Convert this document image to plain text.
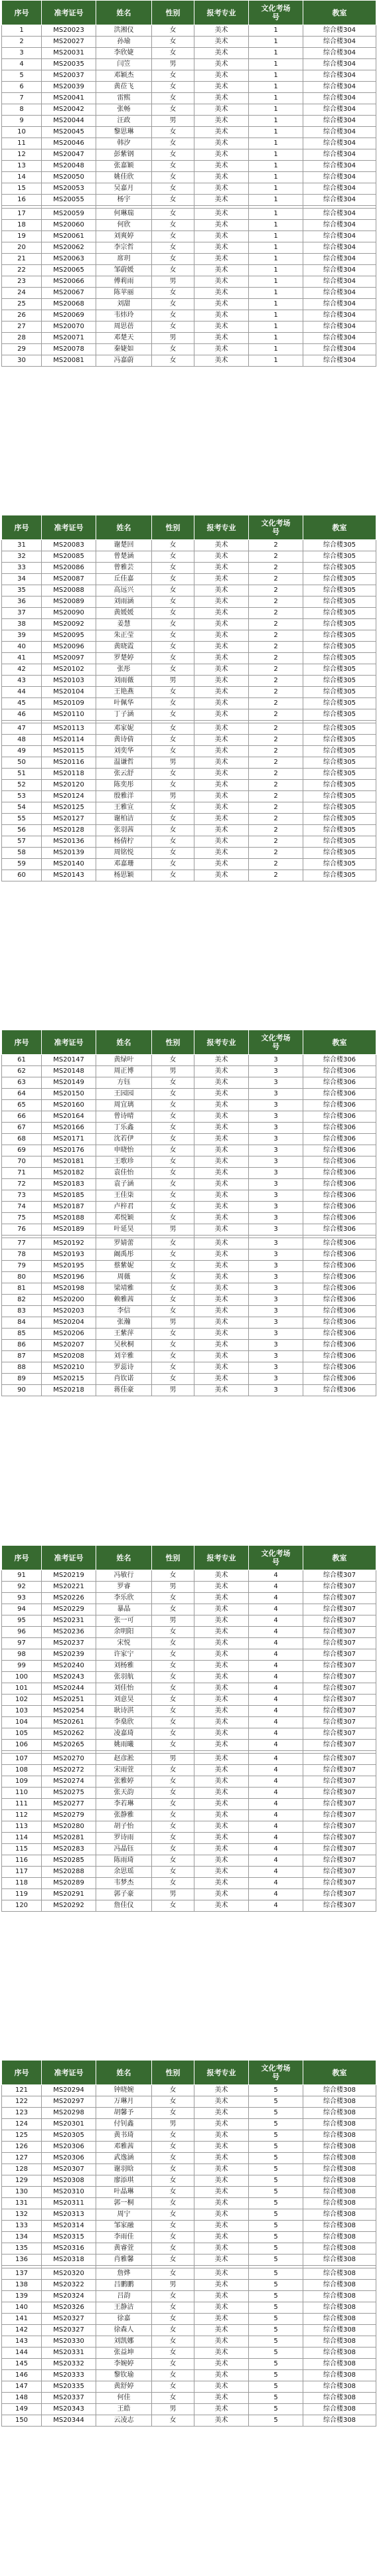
序号	准考证号	姓名	性别	报考专业	文化考场号	教室
1	MS20023	洪湘仪	女	美术	1	综合楼304
2	MS20027	孙瑜	女	美术	1	综合楼304
3	MS20031	李欣婕	女	美术	1	综合楼304
4	MS20035	闫笠	男	美术	1	综合楼304
5	MS20037	邓颖杰	女	美术	1	综合楼304
6	MS20039	黄莅飞	女	美术	1	综合楼304
7	MS20041	雷熙	女	美术	1	综合楼304
8	MS20042	张畅	女	美术	1	综合楼304
9	MS20044	汪政	男	美术	1	综合楼304
10	MS20045	黎思琳	女	美术	1	综合楼304
11	MS20046	韩汐	女	美术	1	综合楼304
12	MS20047	彭紫钢	女	美术	1	综合楼304
13	MS20048	张嘉颖	女	美术	1	综合楼304
14	MS20050	姚佳欣	女	美术	1	综合楼304
15	MS20053	吴嘉月	女	美术	1	综合楼304
16	MS20055	杨宇	女	美术	1	综合楼304

17	MS20059	何琳瑞	女	美术	1	综合楼304
18	MS20060	何欣	女	美术	1	综合楼304
19	MS20061	刘爽婷	女	美术	1	综合楼304
20	MS20062	李宗哲	女	美术	1	综合楼304
21	MS20063	席玥	女	美术	1	综合楼304
22	MS20065	邹蔚媛	女	美术	1	综合楼304
23	MS20066	傅莉雨	男	美术	1	综合楼304
24	MS20067	陈苹丽	女	美术	1	综合楼304
25	MS20068	刘甜	女	美术	1	综合楼304
26	MS20069	韦炜玲	女	美术	1	综合楼304
27	MS20070	周思蓓	女	美术	1	综合楼304
28	MS20071	邓楚天	男	美术	1	综合楼304
29	MS20078	秦婕如	女	美术	1	综合楼304
30	MS20081	冯嘉蔚	女	美术	1	综合楼304
序号	准考证号	姓名	性别	报考专业	文化考场号	教室
31	MS20083	谢楚回	女	美术	2	综合楼305
32	MS20085	曾楚涵	女	美术	2	综合楼305
33	MS20086	曾雅芸	女	美术	2	综合楼305
34	MS20087	丘佳嘉	女	美术	2	综合楼305
35	MS20088	高远兴	女	美术	2	综合楼305
36	MS20089	刘雨涵	女	美术	2	综合楼305
37	MS20090	黄媛媛	女	美术	2	综合楼305
38	MS20092	姜慧	女	美术	2	综合楼305
39	MS20095	朱正莹	女	美术	2	综合楼305
40	MS20096	黄晓霞	女	美术	2	综合楼305
41	MS20097	罗楚婷	女	美术	2	综合楼305
42	MS20102	张彤	女	美术	2	综合楼305
43	MS20103	刘雨薇	男	美术	2	综合楼305
44	MS20104	王艳燕	女	美术	2	综合楼305
45	MS20109	叶佩华	女	美术	2	综合楼305
46	MS20110	丁子涵	女	美术	2	综合楼305

47	MS20113	邓家妮	女	美术	2	综合楼305
48	MS20114	黄诗倩	女	美术	2	综合楼305
49	MS20115	刘奕华	女	美术	2	综合楼305
50	MS20116	温谦哲	男	美术	2	综合楼305
51	MS20118	张云舒	女	美术	2	综合楼305
52	MS20120	陈奕彤	女	美术	2	综合楼305
53	MS20124	殷雅洋	男	美术	2	综合楼305
54	MS20125	王雅宣	女	美术	2	综合楼305
55	MS20127	谢柏洁	女	美术	2	综合楼305
56	MS20128	张羽茜	女	美术	2	综合楼305
57	MS20136	杨倩柠	女	美术	2	综合楼305
58	MS20139	周铭悦	女	美术	2	综合楼305
59	MS20140	邓嘉珊	女	美术	2	综合楼305
60	MS20143	杨思颖	女	美术	2	综合楼305
序号	准考证号	姓名	性别	报考专业	文化考场号	教室
61	MS20147	黄绿叶	女	美术	3	综合楼306
62	MS20148	周正博	男	美术	3	综合楼306
63	MS20149	方钰	女	美术	3	综合楼306
64	MS20150	王园园	女	美术	3	综合楼306
65	MS20160	周宜璃	女	美术	3	综合楼306
66	MS20164	曾诗晴	女	美术	3	综合楼306
67	MS20166	丁乐鑫	女	美术	3	综合楼306
68	MS20171	沈若伊	女	美术	3	综合楼306
69	MS20176	申晓怡	女	美术	3	综合楼306
70	MS20181	王歌珍	女	美术	3	综合楼306
71	MS20182	袁佳怡	女	美术	3	综合楼306
72	MS20183	袁子涵	女	美术	3	综合楼306
73	MS20185	王佳柒	女	美术	3	综合楼306
74	MS20187	卢梓君	女	美术	3	综合楼306
75	MS20188	邓悦颖	女	美术	3	综合楼306
76	MS20189	叶延昊	男	美术	3	综合楼306

77	MS20192	罗婧蕾	女	美术	3	综合楼306
78	MS20193	阚禹彤	女	美术	3	综合楼306
79	MS20195	蔡紫妮	女	美术	3	综合楼306
80	MS20196	周薇	女	美术	3	综合楼306
81	MS20198	梁靖雅	女	美术	3	综合楼306
82	MS20200	赖雅茜	女	美术	3	综合楼306
83	MS20203	李信	女	美术	3	综合楼306
84	MS20204	张瀚	男	美术	3	综合楼306
85	MS20206	王紫萍	女	美术	3	综合楼306
86	MS20207	吴秋桐	女	美术	3	综合楼306
87	MS20208	刘辛雅	女	美术	3	综合楼306
88	MS20210	罗蕊诗	女	美术	3	综合楼306
89	MS20215	肖钦诺	女	美术	3	综合楼306
90	MS20218	蒋佳豪	男	美术	3	综合楼306
序号	准考证号	姓名	性别	报考专业	文化考场号	教室
91	MS20219	冯敏行	女	美术	4	综合楼307
92	MS20221	罗睿	男	美术	4	综合楼307
93	MS20226	李乐欣	女	美术	4	综合楼307
94	MS20229	暴晶	女	美术	4	综合楼307
95	MS20231	张一可	男	美术	4	综合楼307
96	MS20236	余明阳	女	美术	4	综合楼307
97	MS20237	宋悦	女	美术	4	综合楼307
98	MS20239	许家宁	女	美术	4	综合楼307
99	MS20240	刘杨雅	女	美术	4	综合楼307
100	MS20243	张羽航	女	美术	4	综合楼307
101	MS20244	刘佳怡	女	美术	4	综合楼307
102	MS20251	刘意昊	女	美术	4	综合楼307
103	MS20254	耿诗淇	女	美术	4	综合楼307
104	MS20261	李燊欣	女	美术	4	综合楼307
105	MS20262	凌嘉琦	女	美术	4	综合楼307
106	MS20265	姚雨曦	女	美术	4	综合楼307

107	MS20270	赵彦淞	男	美术	4	综合楼307
108	MS20272	宋雨萱	女	美术	4	综合楼307
109	MS20274	张雅婷	女	美术	4	综合楼307
110	MS20275	张天韵	女	美术	4	综合楼307
111	MS20277	李若琳	女	美术	4	综合楼307
112	MS20279	张静雅	女	美术	4	综合楼307
113	MS20280	胡子怡	女	美术	4	综合楼307
114	MS20281	罗诗雨	女	美术	4	综合楼307
115	MS20283	冯晶钰	女	美术	4	综合楼307
116	MS20285	陈雨琦	女	美术	4	综合楼307
117	MS20288	余思瑶	女	美术	4	综合楼307
118	MS20289	韦梦杰	女	美术	4	综合楼307
119	MS20291	郭子豪	男	美术	4	综合楼307
120	MS20292	詹佳仪	女	美术	4	综合楼307
序号	准考证号	姓名	性别	报考专业	文化考场号	教室
121	MS20294	钟晓婉	女	美术	5	综合楼308
122	MS20297	万琳月	女	美术	5	综合楼308
123	MS20298	胡馨予	女	美术	5	综合楼308
124	MS20301	付钊鑫	男	美术	5	综合楼308
125	MS20305	黄书琦	女	美术	5	综合楼308
126	MS20306	邓雅茜	女	美术	5	综合楼308
127	MS20306	武逸涵	女	美术	5	综合楼308
128	MS20307	谢羽晗	女	美术	5	综合楼308
129	MS20308	廖添琪	女	美术	5	综合楼308
130	MS20310	叶晶琳	女	美术	5	综合楼308
131	MS20311	郭一桐	女	美术	5	综合楼308
132	MS20313	周宁	女	美术	5	综合楼308
133	MS20314	邹家融	女	美术	5	综合楼308
134	MS20315	李雨佳	女	美术	5	综合楼308
135	MS20316	黄睿萱	女	美术	5	综合楼308
136	MS20318	肖雅馨	女	美术	5	综合楼308

137	MS20320	詹烨	女	美术	5	综合楼308
138	MS20322	吕鹏鹏	男	美术	5	综合楼308
139	MS20324	吕韵	女	美术	5	综合楼308
140	MS20326	王静洁	女	美术	5	综合楼308
141	MS20327	徐嘉	女	美术	5	综合楼308
142	MS20327	徐森人	女	美术	5	综合楼308
143	MS20330	刘凯娜	女	美术	5	综合楼308
144	MS20331	张益坤	女	美术	5	综合楼308
145	MS20332	李婉婷	女	美术	5	综合楼308
146	MS20333	黎钦瑜	女	美术	5	综合楼308
147	MS20335	黄舒婷	女	美术	5	综合楼308
148	MS20337	何佳	女	美术	5	综合楼308
149	MS20343	王皓	男	美术	5	综合楼308
150	MS20344	云凌志	女	美术	5	综合楼308
